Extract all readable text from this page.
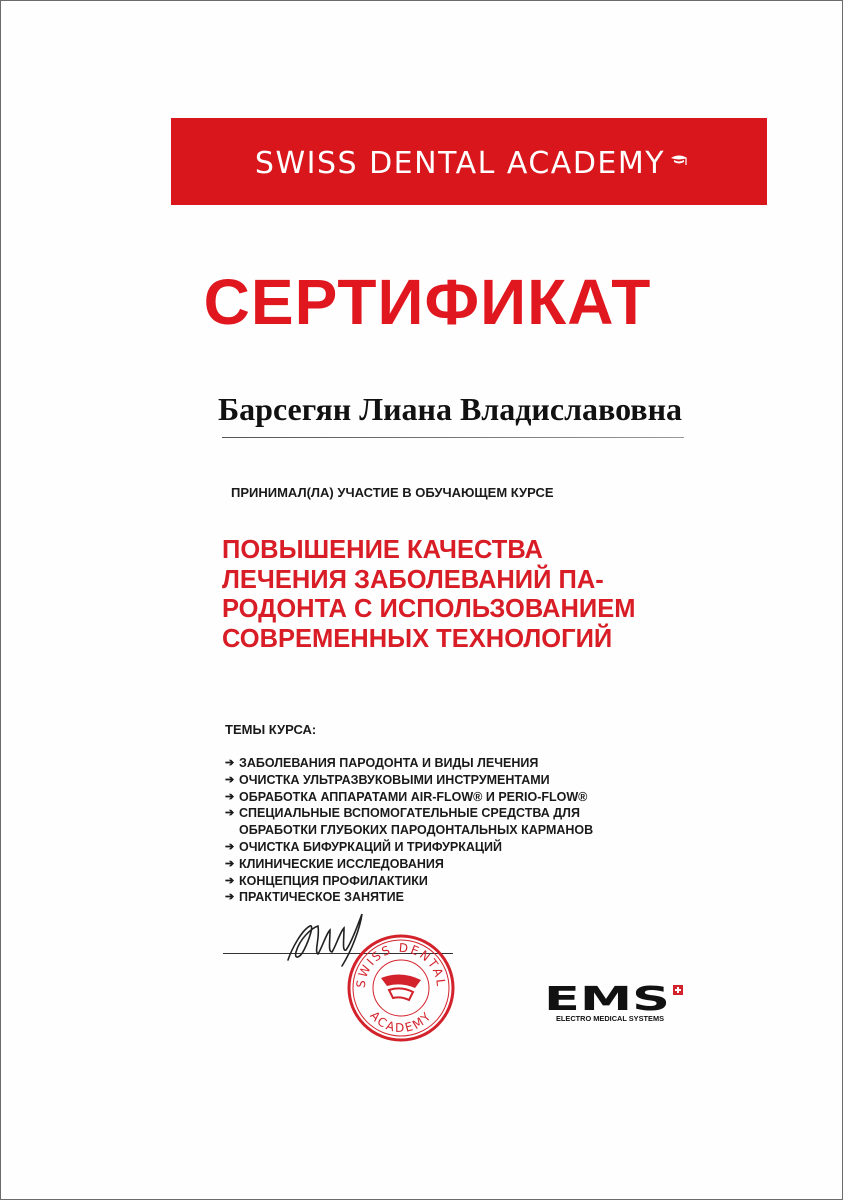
SWISS DENTAL ACADEMY
СЕРТИФИКАТ
Барсегян Лиана Владиславовна
ПРИНИМАЛ(ЛА) УЧАСТИЕ В ОБУЧАЮЩЕМ КУРСЕ
ПОВЫШЕНИЕ КАЧЕСТВА
ЛЕЧЕНИЯ ЗАБОЛЕВАНИЙ ПА-
РОДОНТА С ИСПОЛЬЗОВАНИЕМ
СОВРЕМЕННЫХ ТЕХНОЛОГИЙ
ТЕМЫ КУРСА:
➔ ЗАБОЛЕВАНИЯ ПАРОДОНТА И ВИДЫ ЛЕЧЕНИЯ
➔ ОЧИСТКА УЛЬТРАЗВУКОВЫМИ ИНСТРУМЕНТАМИ
➔ ОБРАБОТКА АППАРАТАМИ AIR-FLOW® И PERIO-FLOW®
➔ СПЕЦИАЛЬНЫЕ ВСПОМОГАТЕЛЬНЫЕ СРЕДСТВА ДЛЯ
ОБРАБОТКИ ГЛУБОКИХ ПАРОДОНТАЛЬНЫХ КАРМАНОВ
➔ ОЧИСТКА БИФУРКАЦИЙ И ТРИФУРКАЦИЙ
➔ КЛИНИЧЕСКИЕ ИССЛЕДОВАНИЯ
➔ КОНЦЕПЦИЯ ПРОФИЛАКТИКИ
➔ ПРАКТИЧЕСКОЕ ЗАНЯТИЕ
SWISS DENTAL
ACADEMY	EMS
ELECTRO MEDICAL SYSTEMS
